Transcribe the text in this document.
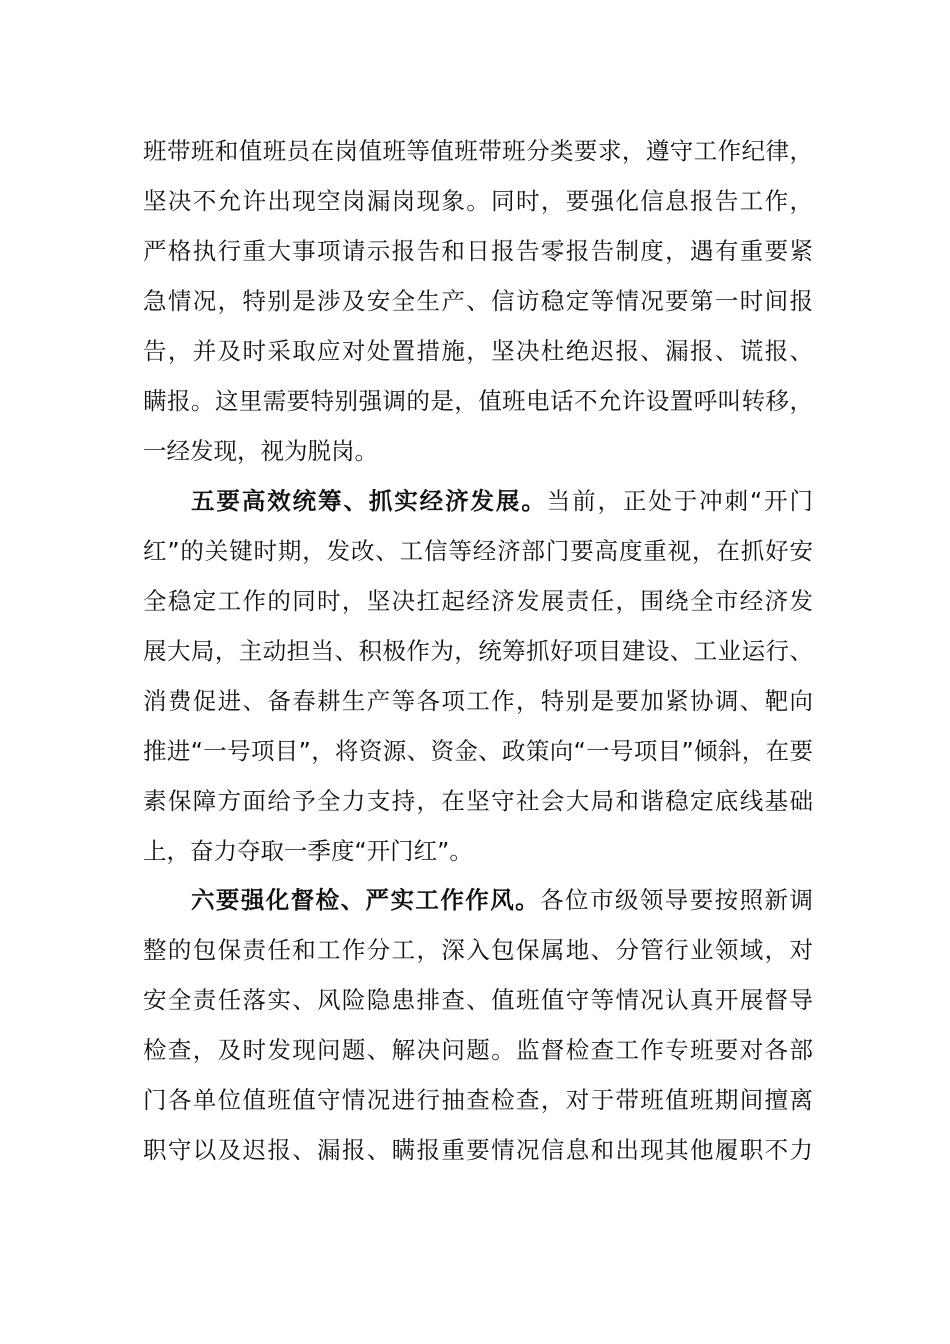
班带班和值班员在岗值班等值班带班分类要求，遵守工作纪律，
坚决不允许出现空岗漏岗现象。同时，要强化信息报告工作，
严格执行重大事项请示报告和日报告零报告制度，遇有重要紧
急情况，特别是涉及安全生产、信访稳定等情况要第一时间报
告，并及时采取应对处置措施，坚决杜绝迟报、漏报、谎报、
瞒报。这里需要特别强调的是，值班电话不允许设置呼叫转移，
一经发现，视为脱岗。
五要高效统筹、抓实经济发展。当前，正处于冲刺“开门
红”的关键时期，发改、工信等经济部门要高度重视，在抓好安
全稳定工作的同时，坚决扛起经济发展责任，围绕全市经济发
展大局，主动担当、积极作为，统筹抓好项目建设、工业运行、
消费促进、备春耕生产等各项工作，特别是要加紧协调、靶向
推进“一号项目”，将资源、资金、政策向“一号项目”倾斜，在要
素保障方面给予全力支持，在坚守社会大局和谐稳定底线基础
上，奋力夺取一季度“开门红”。
六要强化督检、严实工作作风。各位市级领导要按照新调
整的包保责任和工作分工，深入包保属地、分管行业领域，对
安全责任落实、风险隐患排查、值班值守等情况认真开展督导
检查，及时发现问题、解决问题。监督检查工作专班要对各部
门各单位值班值守情况进行抽查检查，对于带班值班期间擅离
职守以及迟报、漏报、瞒报重要情况信息和出现其他履职不力
